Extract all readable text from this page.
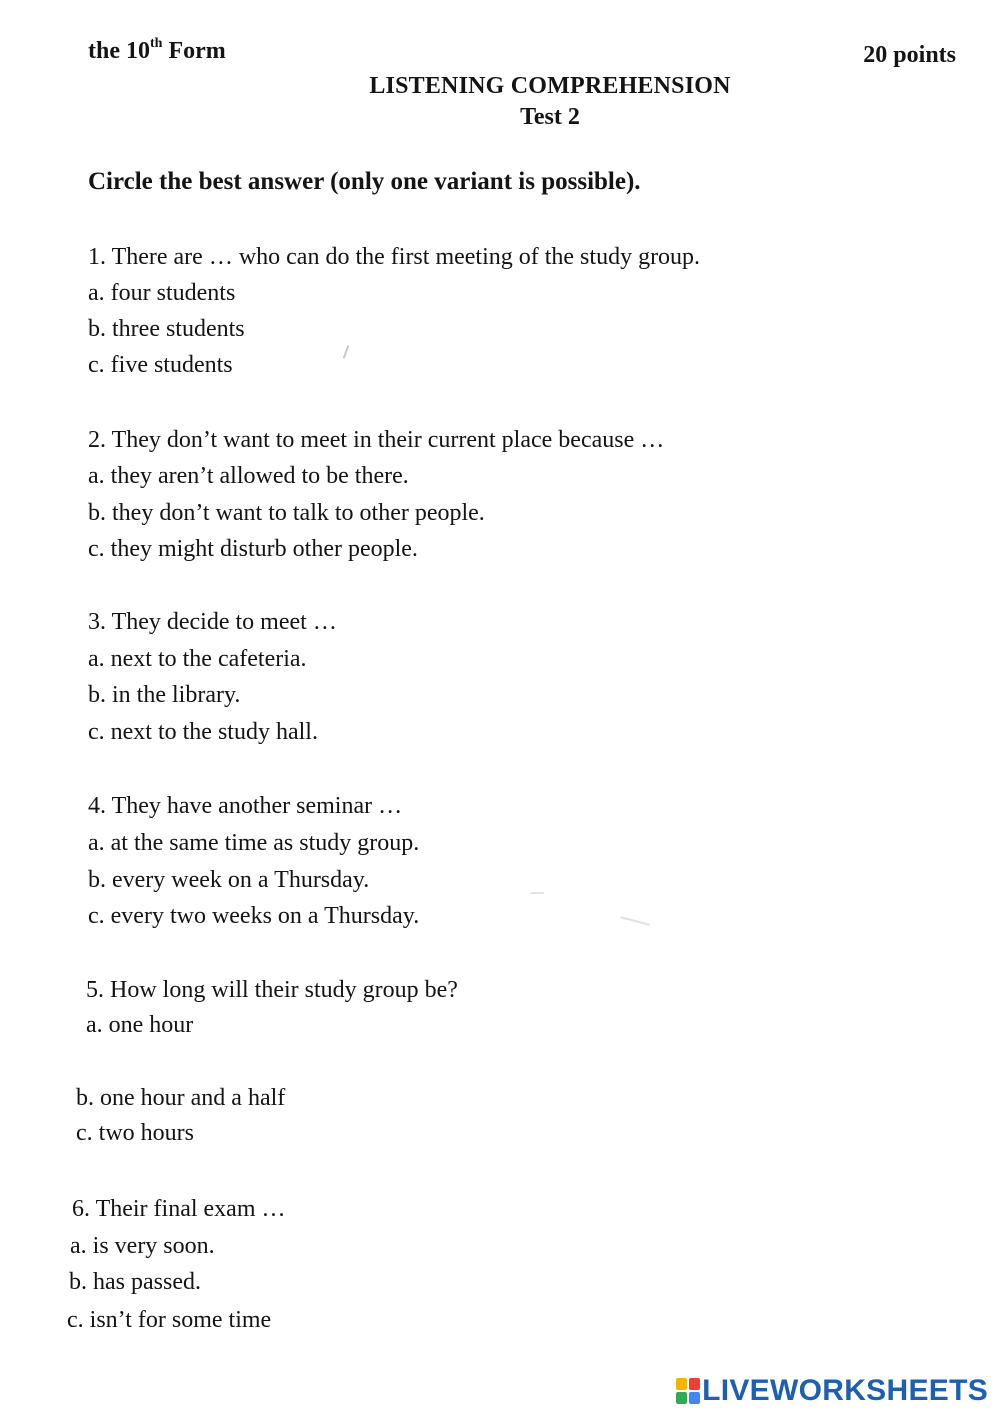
the 10th Form	20 points
LISTENING COMPREHENSION
Test 2
Circle the best answer (only one variant is possible).
1. There are … who can do the first meeting of the study group.
a. four students
b. three students
c. five students
2. They don’t want to meet in their current place because …
a. they aren’t allowed to be there.
b. they don’t want to talk to other people.
c. they might disturb other people.
3. They decide to meet …
a. next to the cafeteria.
b. in the library.
c. next to the study hall.
4. They have another seminar …
a. at the same time as study group.
b. every week on a Thursday.
c. every two weeks on a Thursday.
5. How long will their study group be?
a. one hour
b. one hour and a half
c. two hours
6. Their final exam …
a. is very soon.
b. has passed.
c. isn’t for some time
LIVEWORKSHEETS
